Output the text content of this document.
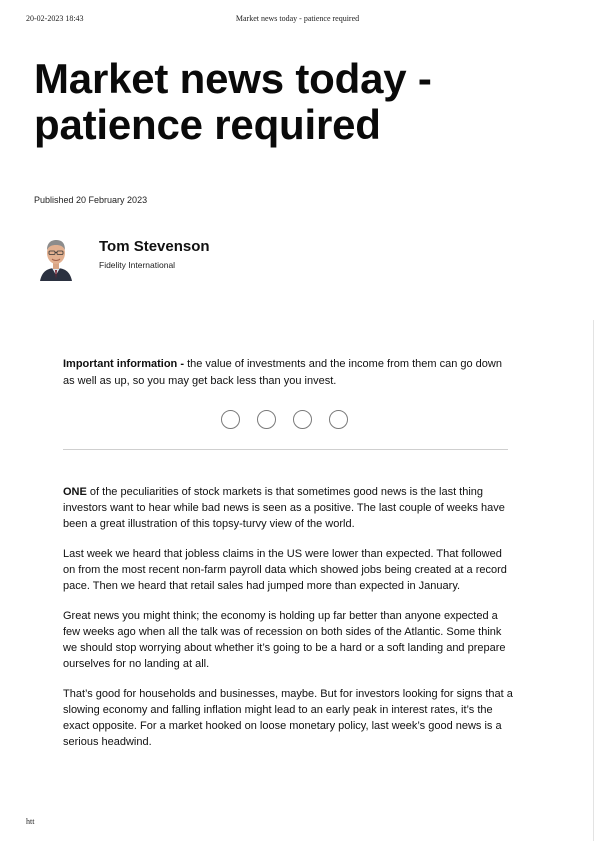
20-02-2023 18:43	Market news today - patience required
Market news today - patience required
Published 20 February 2023
Tom Stevenson
Fidelity International

Important information - the value of investments and the income from them can go down as well as up, so you may get back less than you invest.

ONE of the peculiarities of stock markets is that sometimes good news is the last thing investors want to hear while bad news is seen as a positive. The last couple of weeks have been a great illustration of this topsy-turvy view of the world.

Last week we heard that jobless claims in the US were lower than expected. That followed on from the most recent non-farm payroll data which showed jobs being created at a record pace. Then we heard that retail sales had jumped more than expected in January.

Great news you might think; the economy is holding up far better than anyone expected a few weeks ago when all the talk was of recession on both sides of the Atlantic. Some think we should stop worrying about whether it’s going to be a hard or a soft landing and prepare ourselves for no landing at all.

That’s good for households and businesses, maybe. But for investors looking for signs that a slowing economy and falling inflation might lead to an early peak in interest rates, it’s the exact opposite. For a market hooked on loose monetary policy, last week’s good news is a serious headwind.

htt
